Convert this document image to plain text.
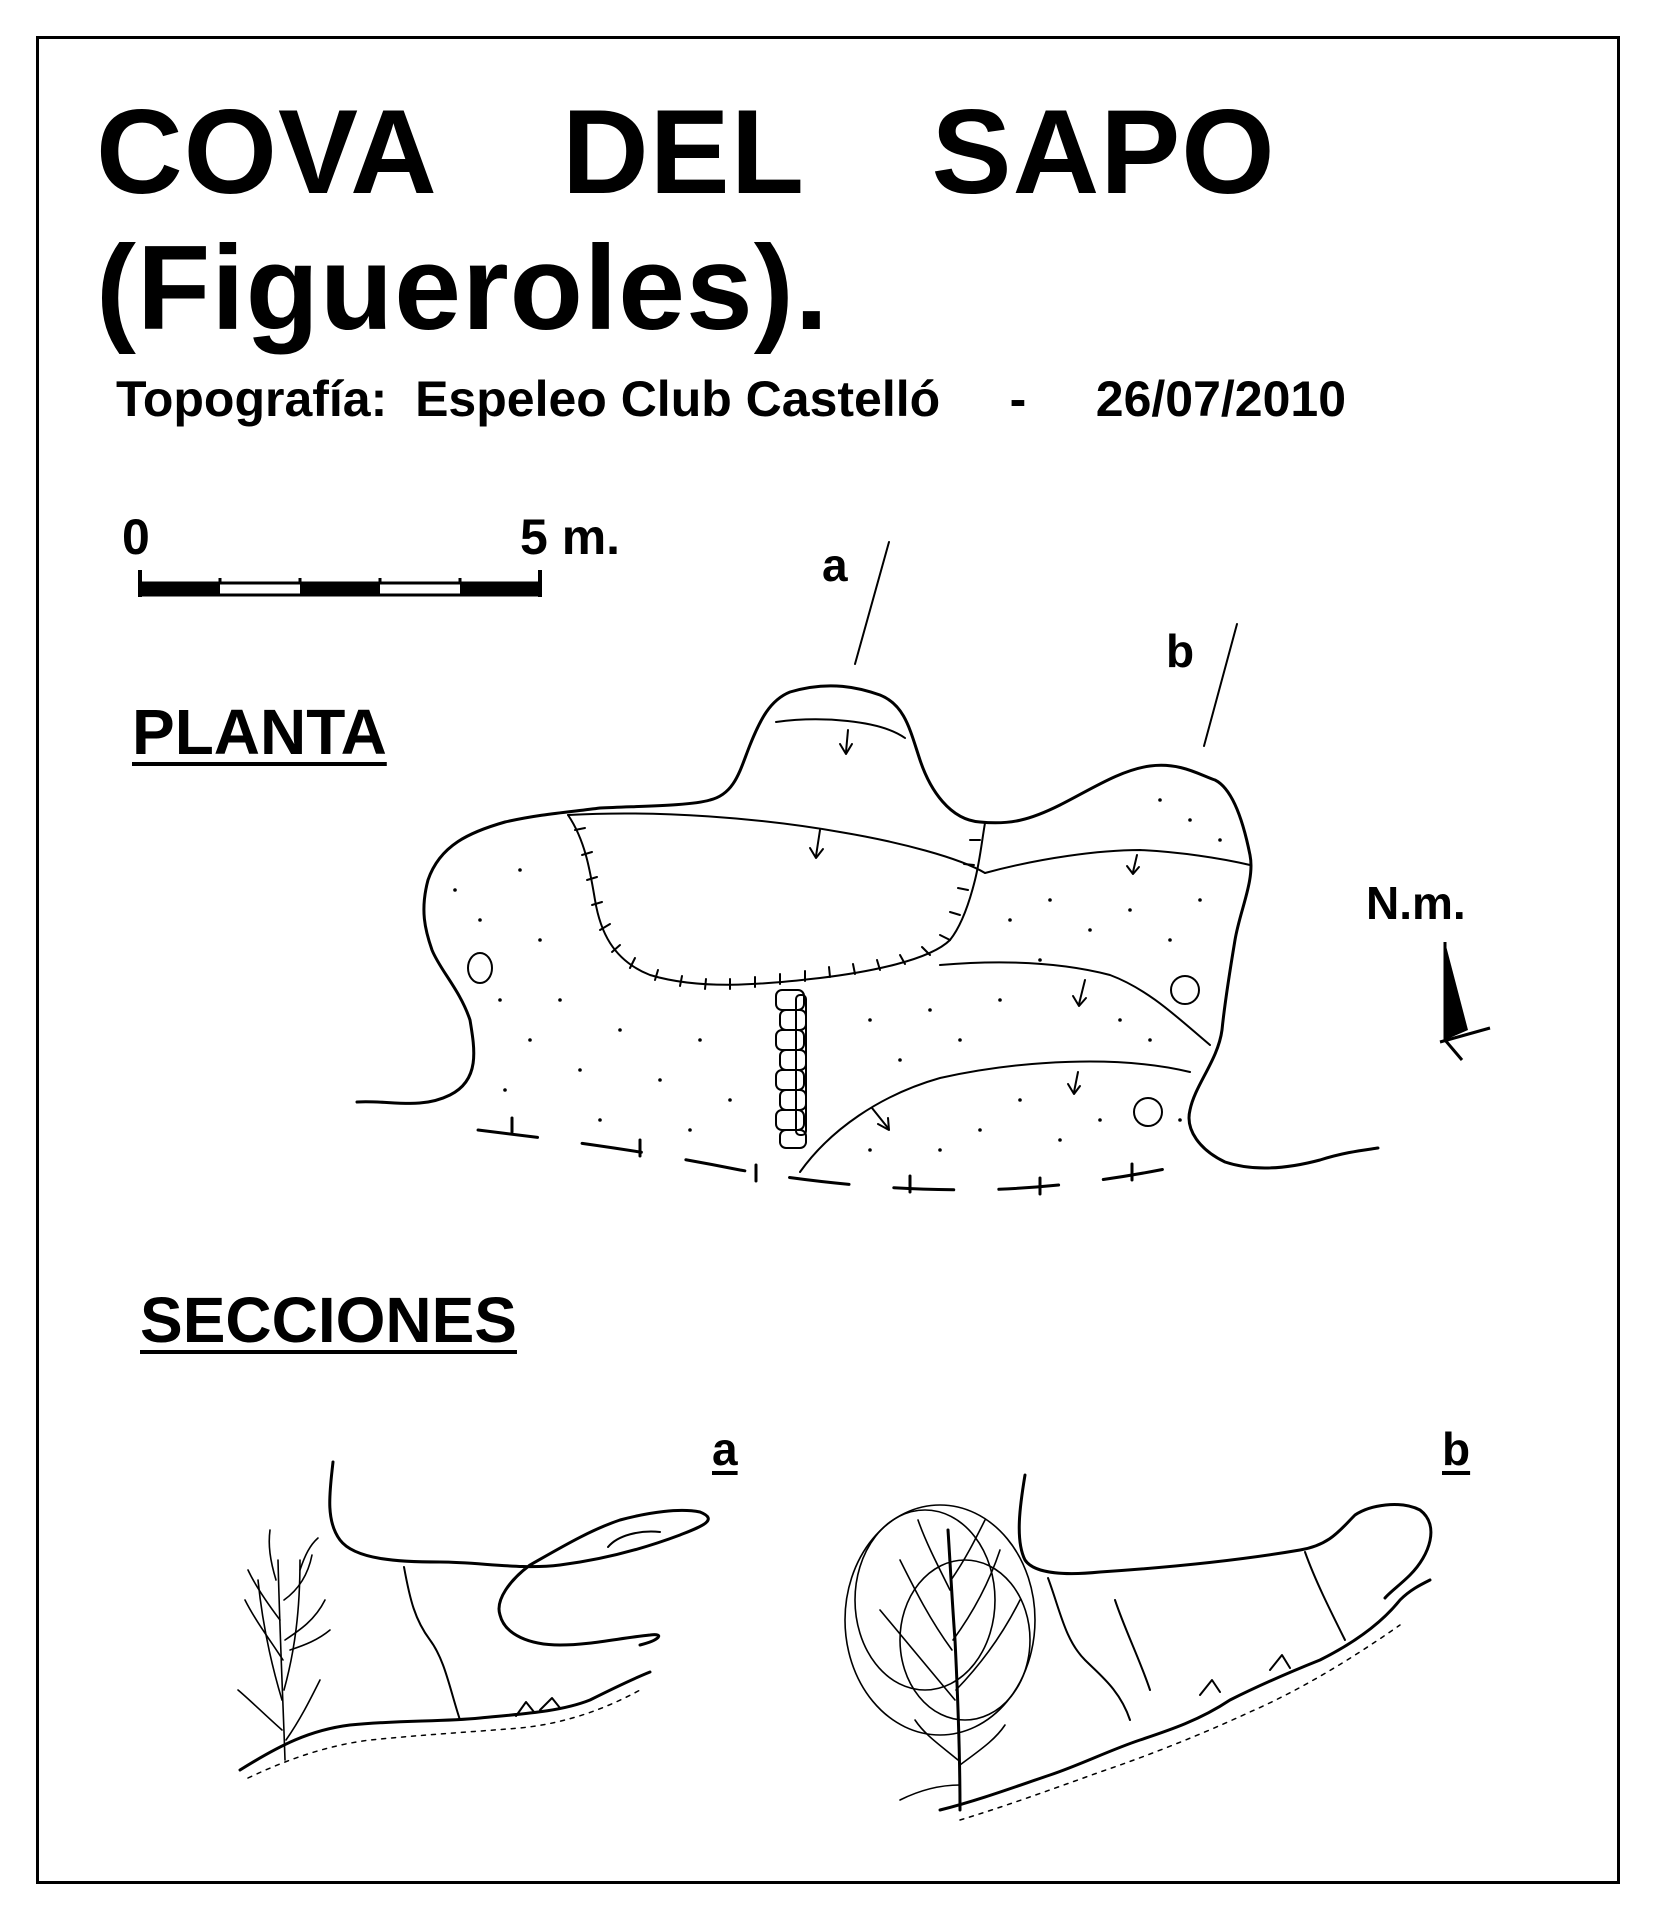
COVA  DEL  SAPO
(Figueroles).
Topografía: Espeleo Club Castelló - 26/07/2010
0	5 m.
PLANTA
SECCIONES
a
b
N.m.
a	b
